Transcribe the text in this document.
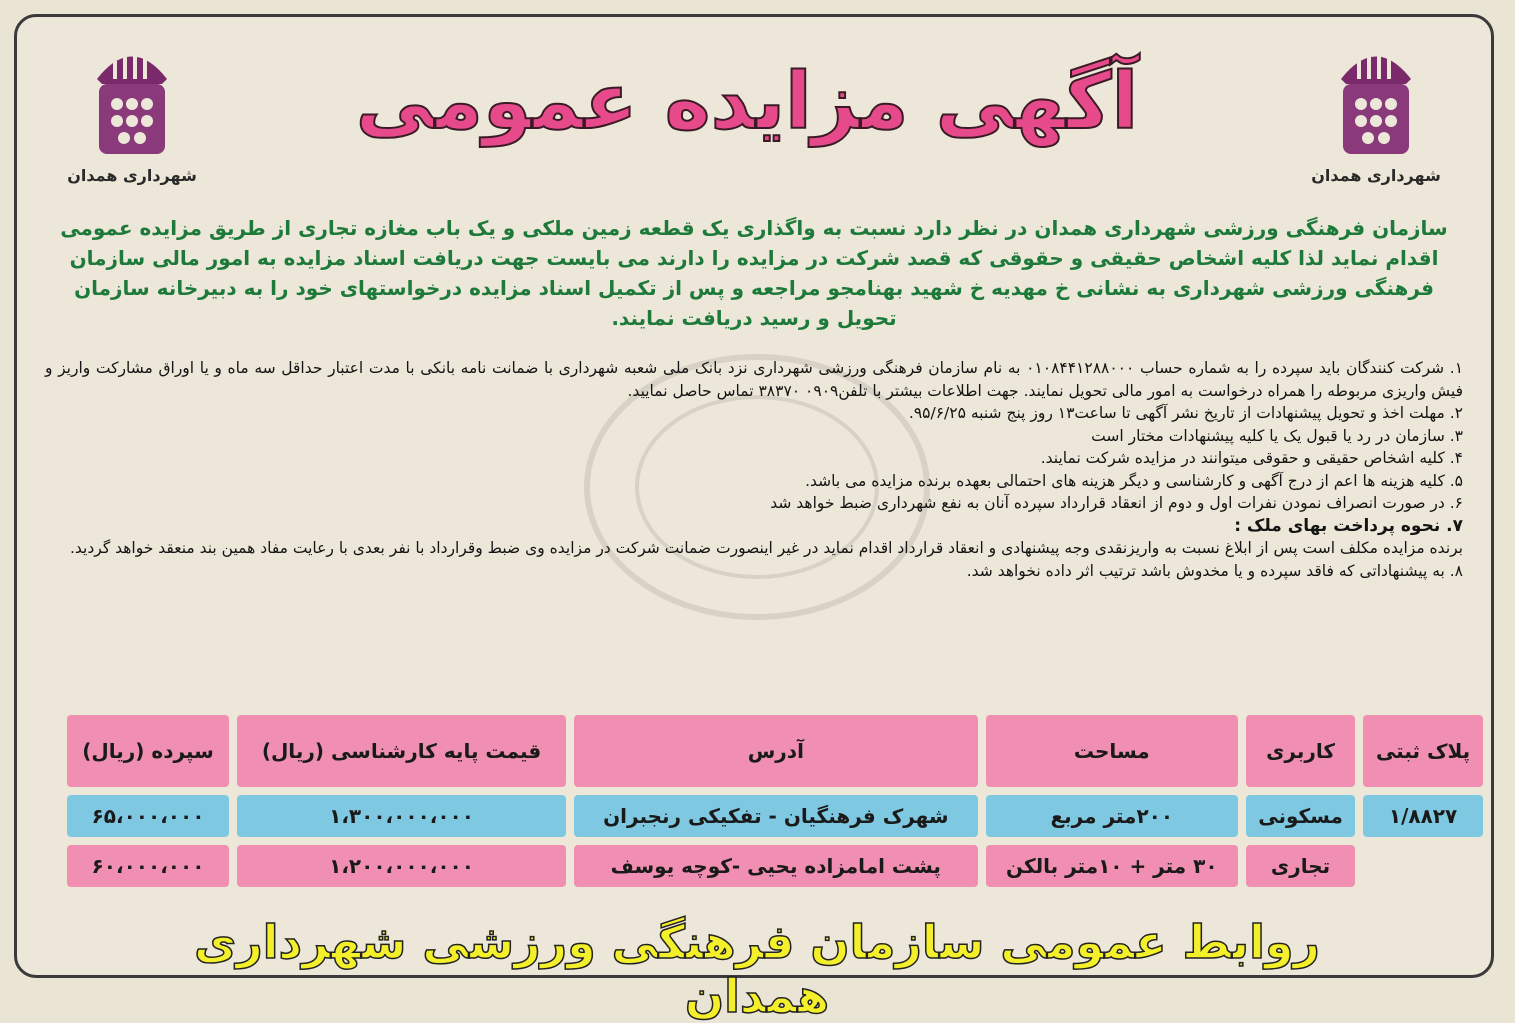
شهرداری همدان	شهرداری همدان
آگهی مزایده عمومی
سازمان فرهنگی ورزشی شهرداری همدان در نظر دارد نسبت به واگذاری یک قطعه زمین ملکی و یک باب مغازه تجاری از طریق مزایده عمومی اقدام نماید لذا کلیه اشخاص حقیقی و حقوقی که قصد شرکت در مزایده را دارند می بایست جهت دریافت اسناد مزایده به امور مالی سازمان فرهنگی ورزشی شهرداری به نشانی خ مهدیه خ شهید بهنامجو مراجعه و پس از تکمیل اسناد مزایده درخواستهای خود را به دبیرخانه سازمان تحویل و رسید دریافت نمایند.

۱. شرکت کنندگان باید سپرده را به شماره حساب ۰۱۰۸۴۴۱۲۸۸۰۰۰ به نام سازمان فرهنگی ورزشی شهرداری نزد بانک ملی شعبه شهرداری با ضمانت نامه بانکی با مدت اعتبار حداقل سه ماه و یا اوراق مشارکت واریز و فیش واریزی مربوطه را همراه درخواست به امور مالی تحویل نمایند. جهت اطلاعات بیشتر با تلفن۰۹۰۹ ۳۸۳۷۰ تماس حاصل نمایید.

۲. مهلت اخذ و تحویل پیشنهادات از تاریخ نشر آگهی تا ساعت۱۳ روز پنج شنبه ۹۵/۶/۲۵.

۳. سازمان در رد یا قبول یک یا کلیه پیشنهادات مختار است

۴. کلیه اشخاص حقیقی و حقوقی میتوانند در مزایده شرکت نمایند.

۵. کلیه هزینه ها اعم از درج آگهی و کارشناسی و دیگر هزینه های احتمالی بعهده برنده مزایده می باشد.

۶. در صورت انصراف نمودن نفرات اول و دوم از انعقاد قرارداد سپرده آنان به نفع شهرداری ضبط خواهد شد

۷. نحوه پرداخت بهای ملک :

برنده مزایده مکلف است پس از ابلاغ نسبت به واریزنقدی وجه پیشنهادی و انعقاد قرارداد اقدام نماید در غیر اینصورت ضمانت شرکت در مزایده وی ضبط وقرارداد با نفر بعدی با رعایت مفاد همین بند منعقد خواهد گردید.

۸. به پیشنهاداتی که فاقد سپرده و یا مخدوش باشد ترتیب اثر داده نخواهد شد.

پلاک ثبتی	کاربری	مساحت	آدرس	قیمت پایه کارشناسی (ریال)	سپرده (ریال)
۱/۸۸۲۷	مسکونی	۲۰۰متر مربع	شهرک فرهنگیان - تفکیکی رنجبران	۱،۳۰۰،۰۰۰،۰۰۰	۶۵،۰۰۰،۰۰۰
	تجاری	۳۰ متر + ۱۰متر بالکن	پشت امامزاده یحیی -کوچه یوسف	۱،۲۰۰،۰۰۰،۰۰۰	۶۰،۰۰۰،۰۰۰
روابط عمومی سازمان فرهنگی ورزشی شهرداری همدان
